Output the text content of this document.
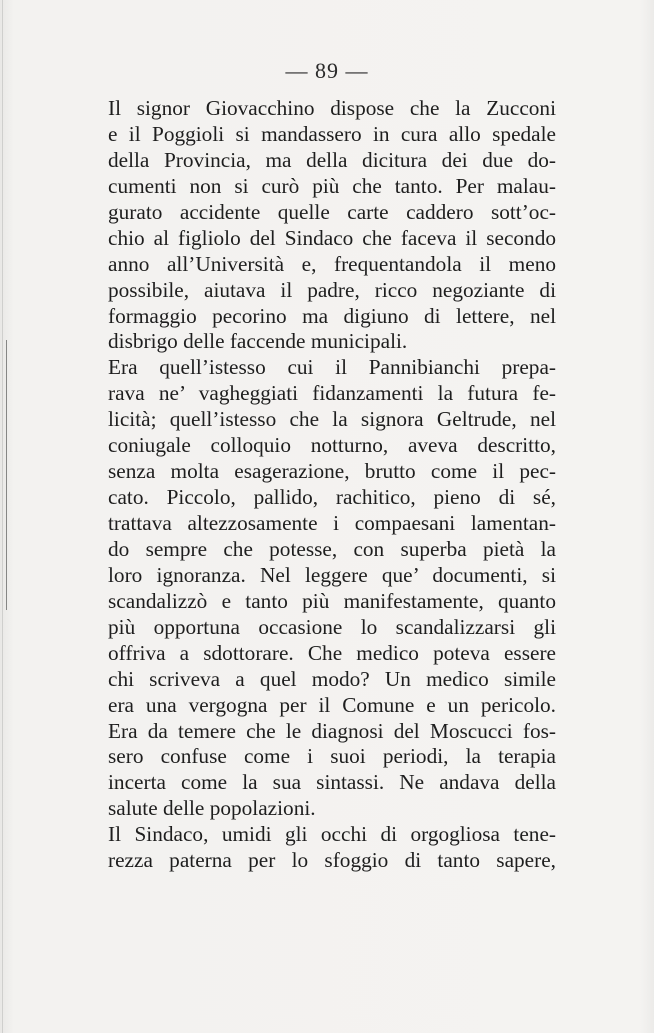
— 89 —
Il signor Giovacchino dispose che la Zucconi
e il Poggioli si mandassero in cura allo spedale
della Provincia, ma della dicitura dei due do-
cumenti non si curò più che tanto. Per malau-
gurato accidente quelle carte caddero sott’oc-
chio al figliolo del Sindaco che faceva il secondo
anno all’Università e, frequentandola il meno
possibile, aiutava il padre, ricco negoziante di
formaggio pecorino ma digiuno di lettere, nel
disbrigo delle faccende municipali.
Era quell’istesso cui il Pannibianchi prepa-
rava ne’ vagheggiati fidanzamenti la futura fe-
licità; quell’istesso che la signora Geltrude, nel
coniugale colloquio notturno, aveva descritto,
senza molta esagerazione, brutto come il pec-
cato. Piccolo, pallido, rachitico, pieno di sé,
trattava altezzosamente i compaesani lamentan-
do sempre che potesse, con superba pietà la
loro ignoranza. Nel leggere que’ documenti, si
scandalizzò e tanto più manifestamente, quanto
più opportuna occasione lo scandalizzarsi gli
offriva a sdottorare. Che medico poteva essere
chi scriveva a quel modo? Un medico simile
era una vergogna per il Comune e un pericolo.
Era da temere che le diagnosi del Moscucci fos-
sero confuse come i suoi periodi, la terapia
incerta come la sua sintassi. Ne andava della
salute delle popolazioni.
Il Sindaco, umidi gli occhi di orgogliosa tene-
rezza paterna per lo sfoggio di tanto sapere,
